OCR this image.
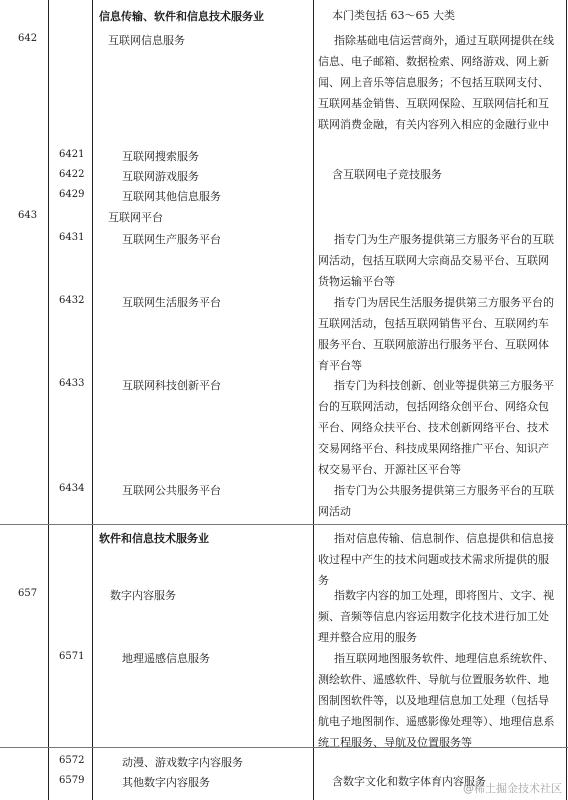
信息传输、软件和信息技术服务业	本门类包括 63～65 大类
642	互联网信息服务	指除基础电信运营商外，通过互联网提供在线信息、电子邮箱、数据检索、网络游戏、网上新闻、网上音乐等信息服务；不包括互联网支付、互联网基金销售、互联网保险、互联网信托和互联网消费金融，有关内容列入相应的金融行业中
6421	互联网搜索服务
6422	互联网游戏服务	含互联网电子竞技服务
6429	互联网其他信息服务
643	互联网平台
6431	互联网生产服务平台	指专门为生产服务提供第三方服务平台的互联网活动，包括互联网大宗商品交易平台、互联网货物运输平台等
6432	互联网生活服务平台	指专门为居民生活服务提供第三方服务平台的互联网活动，包括互联网销售平台、互联网约车服务平台、互联网旅游出行服务平台、互联网体育平台等
6433	互联网科技创新平台	指专门为科技创新、创业等提供第三方服务平台的互联网活动，包括网络众创平台、网络众包平台、网络众扶平台、技术创新网络平台、技术交易网络平台、科技成果网络推广平台、知识产权交易平台、开源社区平台等
6434	互联网公共服务平台	指专门为公共服务提供第三方服务平台的互联网活动
软件和信息技术服务业	指对信息传输、信息制作、信息提供和信息接收过程中产生的技术问题或技术需求所提供的服务
657	数字内容服务	指数字内容的加工处理，即将图片、文字、视频、音频等信息内容运用数字化技术进行加工处理并整合应用的服务
6571	地理遥感信息服务	指互联网地图服务软件、地理信息系统软件、测绘软件、遥感软件、导航与位置服务软件、地图制图软件等，以及地理信息加工处理（包括导航电子地图制作、遥感影像处理等）、地理信息系统工程服务、导航及位置服务等
6572	动漫、游戏数字内容服务
6579	其他数字内容服务	含数字文化和数字体育内容服务
@稀土掘金技术社区
